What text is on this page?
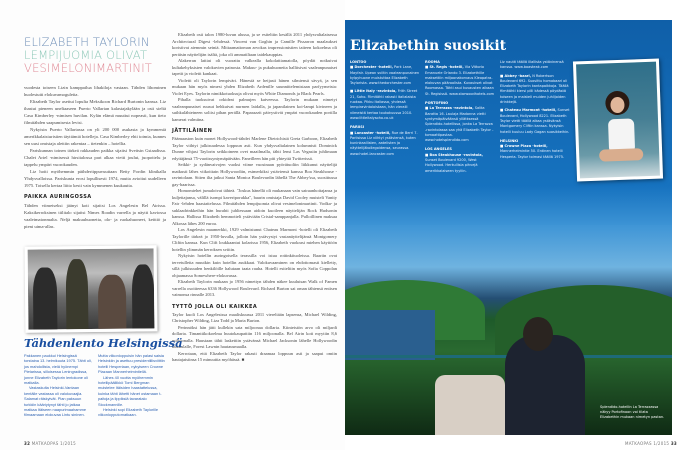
ELIZABETH TAYLORIN
LEMPIJUOMIA OLIVAT
VESIMELONIMARTINIT

vuodesta toiseen Lizin kamppailua lihakiloja vastaan. Tähden lihominen huolestutti elokuvamoguleita.

Elizabeth Taylor asettui lopulta Meksikoon Richard Burtonin kanssa. Liz ihastui pieneen uneliaaseen Puerto Vallartan kalastajakylään ja osti sieltä Casa Kimberley -nimisen huvilan. Kylän elämä muuttui nopeasti, kun tieto filmitähden saapumisesta levisi.

Nykyisin Puerto Vallartassa on yli 200 000 asukasta ja kymmeniä amerikkalaisturistien täyttämiä hotelleja. Casa Kimberley ehti toimia, kunnes sen uusi omistaja alettiin rakentaa – tietenkin – hotellia.

Pariskunnan toinen tärkeä rakkauden paikka sijaitsi Sveitsin Gstaadissa. Chalet Ariel -nimisessä hirsitalossa pari alkaa vietti joulut, juopottelu ja tappelu ympäri vuorokauden.

Liz hoiti myöhemmin päihderiippuvuuttaan Betty Fordin klinikalla Yhdysvalloissa. Pariskunta erosi lopullisesti 1974, mutta avioitui uudelleen 1975. Toisella kertaa liitto kesti vain kymmenen kuukautta.

PAIKKA AURINGOSSA

Tähden viimeiseksi jäänyt koti sijaitsi Los Angelesin Bel Airissa. Kaksikerroksinen tiilitalo sijaitsi Nimes Roadin varrella ja näytti kaviossa vaaleimatonmalta. Neljä makuuhuonetta, olo- ja ruokahuoneet, keittiö ja pieni uima-allas.

Elizabeth osti talon 1980-luvun alussa, ja se esiteltiin kesällä 2011 yhdysvaltalaisessa Architectural Digest -lehdessä. Vincent van Goghin ja Camille Pissarron maalaukset koristivat aiemmin seiniä. Mittaamattoman arvokas impressionistien taiteen kokoelma oli peräisin näyttelijän isältä, joka oli ammatiltaan taidekauppias.

Alakerran lattiat oli vuorattu valkealla kokolattiamatolla, pöydät notkuivat kultakehyksisten valokuvien painosta. Makuu- ja pukuhuoneita hallitsivat vaaleanpunaiset tapetit ja violetit kankaat.

Violetti oli Taylorin lempiväri. Hänestä se heijasti hänen silmiensä sävyä, ja sen mukaan hän myös nimesi yhden Elizabeth Ardenille suunnittelemistaan parfyymeista: Violet Eyes. Taylorin nimikkotuoksuja olivat myös White Diamonds ja Black Pearls.

Pihalla tuoksuivat orkideat palmujen katveessa. Taylorin mukaan nimetyt vaaleanpunaiset ruusut hehkuivat nurmen laidalla, ja japanilainen koi-lampi kivineen ja suihkulähteineen soliisi pihan perällä. Paparazzit päivystivät ympäri vuorokauden portilla kamerat valmiina.

JÄTTILÄINEN

Päämaaston kuin monet Hollywood-tähdet Marlene Dietrichistä Greta Garboon, Elizabeth Taylor viihtyi julkisuudessa loppuun asti. Kun yhdysvaltalainen kolumnisti Dominick Dunne vihjasi Taylorin seikkoineen ovet maailmalla, tähti lensi Las Vegasiin juhlimaan edyttäjänsä 75-vuotissyntymäpäivään. Faneilleen hän piti yhteyttä Twitterissä.

Seikki- ja sydänvaivojen vuoksi viime vuosinaan pyörätuoliin liikkunut näyttelijä matkusti lähes viikoittain Hollywoodiin, esimerkiksi ystäviensä kanssa Boa Steakhouse -ravintolaan. Sitten ilta jatkui Santa Monica Boulevardin lähellä The Abbey'ssa, suosittussa gay-baarissa.

Homomiehet jumaloivat tähteä. "Joskus hänellä oli mukanaan vain sairaanhoitajansa ja kuljettajansa, välillä isompi kaveriporukka", baarin omistaja David Cooley muisteli Vanity Fair -lehden haastattelussa. Filmitähden lempijuomia olivat vesimelonimartinit. Vodka- ja suklaadrinkkeihin hän hurahti juhliessaan aidoin kuoileen näyttelijän Rock Hudsonin kanssa. Hallissa Elizabeth hemmotteli ystäviään Cristal-samppanjalla. Pulloillinen maksaa Alkossa lähes 200 euroa.

Los Angelesin maamerkki, 1929 valmistunut Chateau Marmont -hotelli oli Elizabeth Taylorille tärkeä jo 1950-luvulla, jolloin hän ystävystyi vastanäyttelijänsä Montgomery Cliftin kanssa. Kun Clift loukkaantui kolarissa 1956, Elizabeth vuokrasi miehen käyttöön hotellin ylimmän kerroksen sviitin.

Nykyisin hotellin auringoisella terassilla voi istua rottinkituoleissa. Baariin ovat tervetulleita muutkin kuin hotellin asukkaat. Valokuvaaminen on ehdottomasti kielletty, sillä julkisuuden henkilöille halutaan taata rauha. Hotelli esiteltiin myös Sofia Coppolan ohjaamassa Somewhere-elokuvassa.

Elizabeth Taylorin mukaan jo 1956 nimettyn tähden näkee kuuluisan Walk of Famen varrella osoitteessa 6336 Hollywood Boulevard. Richard Burton sai oman tähtensä entisen vaimonsa rinnalle 2013.

TYTTÖ JOLLA OLI KAIKKEA

Taylor kuoli Los Angelesissa maaliskuussa 2011 viereltään lapsensa, Michael Wilding, Christopher Wilding, Liza Todd ja Maria Burton.

Perinnöksi hän jätti kullekin sata miljoonaa dollaria. Kiinteistön arvo oli miljardi dollaria. Timanttikokoelma huutokaupattiin 116 miljoonalla. Bel Airin koti myytiin 8,6 miljoonalla. Haustaan tähti laskettiin ystävänsä Michael Jacksonin lähelle Hollywoodin kukkulalle, Forest Lawnin hautausmaalla.

Kerrotaan, että Elizabeth Taylor rakasti draamaa loppuun asti ja saapui omiin hautajaisiinsa 15 minuuttia myöhässä. ■

Tähdenlento Helsingissä

Pakkanen paukkui Helsingissä torstaina 13. helmikuuta 1975. Tähti oli, jos mahdollista, vielä hyönempi Pietarissa, silloisessa Leningradissa, jonne Elizabeth Taylorin lentokone oli matkalla.

Vastaskulta Helsinki-Vantaan kentälle vastassa oli valokuvaajia. Salamat räiskyivät. Plan paksuun turkkiin kääriytynyt tähti jo jatkaa matkaa Itäiseen naapurimaahamme filmaamaan elokuvaa Lintu sininen.

Mutta viikonloppuisin hän palasi saisia Helsinkiin ja asettuu presidentillisviittiin hotelli Hesperiaan, nykyiseen Crowne Plazaan Mannerheimintiellä.

Lähes 40 vuotta myöhemmin hotellipäällikkö Tomi Bergman muistelee Itäisiden haastattelussa, kuinka tähti lähetti hänet ostamaan t-paitoja ja lippiksiä tavaratalo Stockmannille.

Helsinki sopi Elizabeth Taylorille viikonlopputomatkaan.

32 MATKAOPAS 1/2015
Elizabethin suosikit
Splendido-hotellin La Terrazzassa näkyy Portofinoon voi tilata Elizabethin mukaan nimetyn pastan.
LONTOO

■ Dorchester -hotelli, Park Lane, Mayfair. Upean sviitin vaaleanpunainen kylpyhuone muistuttaa Elizabeth Taylorista. www.thedorchester.com

■ Little Italy -ravintola, Frith Street 21, Soho. Filmitähti rakasti italialaista ruokaa. Pikku Italiassa, yhdessä lempiravintoloistaan, hän vieraili viimeistä kertaa toukokuussa 2010. www.littleitalysoho.co.uk

PARIISI

■ Lancaster -hotelli, Rue de Berri 7. Pariisissa Liz viihtyi ystäviensä, kuten kuninkaallisten, aatelisten ja näyttelijäkollegoidensa, seurassa. www.hotel-lancaster.com

ROOMA

■ St. Regis -hotelli, Via Vittorio Emanuele Orlando 3. Elizabethille maksettiin miljoonakorvaus Kleopatra-elokuvan pääroolista. Kuvaukset olivat Roomassa. Tähti asui kuvausten aikaan St. Regisissä. www.starwoodhotels.com

PORTOFINO

■ La Terrazza -ravintola, Salita Baratta 16. Laulaja Madonna vietti syntymäpäiväänsä yllätksessä Splendido-hotellissa, jonka La Terrazza -ravintolassa saa yhä Elizabeth Taylor -tomaattipastaa. www.hotelsplendido.com

LOS ANGELES

■ Boa Steakhouse -ravintola, Sunset Boulevard 9200, West Hollywood. Herkullisia pihvejä amerikkalaiseen tyyliin.

Liz nautti täällä illallista ystävinensä kanssa. www.boasteak.com

■ Abbey -baari, N Robertson Boulevard 692. Suosittu homobaari oli Elizabeth Taylorin kantapaikkoja. Täällä filmitähti kiersi pilli kädessä pöydästä toiseen ja maisteli muiden juhlijoiden drinkkejä.

■ Chateau Marmont -hotelli, Sunset Boulevard, Hollywood 8221. Elizabeth Taylor vietti täällä aikaa ystävänsä Montgomery Cliftin kanssa. Nykyisin hotelli kuuluu Lady Gagan suosikkeihin.

HELSINKI

■ Crowne Plaza -hotelli, Mannerheimintie 50. Entinen hotelli Hesperia. Taylor toimasi täällä 1975.

MATKAOPAS 1/2015 33
